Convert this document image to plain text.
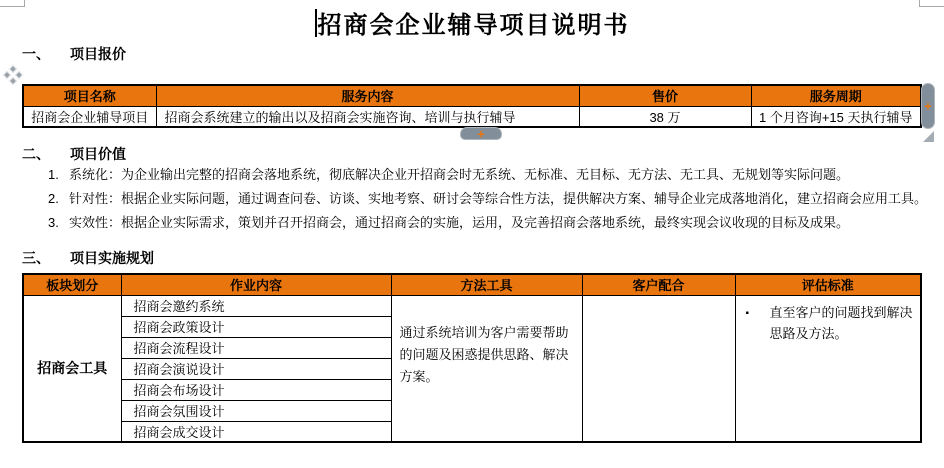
招商会企业辅导项目说明书
一、	项目报价
项目名称	服务内容	售价	服务周期
招商会企业辅导项目	招商会系统建立的输出以及招商会实施咨询、培训与执行辅导	38 万	1 个月咨询+15 天执行辅导
+
+
二、	项目价值
1. 系统化：为企业输出完整的招商会落地系统，彻底解决企业开招商会时无系统、无标准、无目标、无方法、无工具、无规划等实际问题。
2. 针对性：根据企业实际问题，通过调查问卷、访谈、实地考察、研讨会等综合性方法，提供解决方案、辅导企业完成落地消化，建立招商会应用工具。
3. 实效性：根据企业实际需求，策划并召开招商会，通过招商会的实施，运用，及完善招商会落地系统，最终实现会议收现的目标及成果。
三、	项目实施规划
板块划分	作业内容	方法工具	客户配合	评估标准
招商会工具	招商会邀约系统	通过系统培训为客户需要帮助的问题及困惑提供思路、解决方案。		▪ 直至客户的问题找到解决思路及方法。

	招商会政策设计			
	招商会流程设计			
	招商会演说设计			
	招商会布场设计			
	招商会氛围设计			
	招商会成交设计			
